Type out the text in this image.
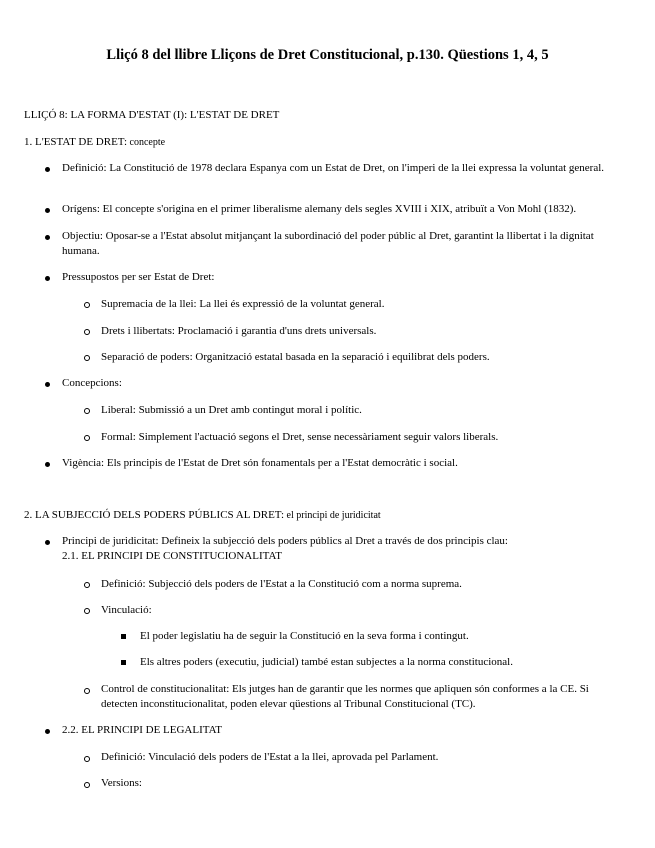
Lliçó 8 del llibre Lliçons de Dret Constitucional, p.130. Qüestions 1, 4, 5

LLIÇÓ 8: LA FORMA D'ESTAT (I): L'ESTAT DE DRET

1. L'ESTAT DE DRET: concepte

Definició: La Constitució de 1978 declara Espanya com un Estat de Dret, on l'imperi de la llei expressa la voluntat general.

Orígens: El concepte s'origina en el primer liberalisme alemany dels segles XVIII i XIX, atribuït a Von Mohl (1832).

Objectiu: Oposar-se a l'Estat absolut mitjançant la subordinació del poder públic al Dret, garantint la llibertat i la dignitat humana.

Pressupostos per ser Estat de Dret:

Supremacia de la llei: La llei és expressió de la voluntat general.

Drets i llibertats: Proclamació i garantia d'uns drets universals.

Separació de poders: Organització estatal basada en la separació i equilibrat dels poders.

Concepcions:

Liberal: Submissió a un Dret amb contingut moral i polític.

Formal: Simplement l'actuació segons el Dret, sense necessàriament seguir valors liberals.

Vigència: Els principis de l'Estat de Dret són fonamentals per a l'Estat democràtic i social.

2. LA SUBJECCIÓ DELS PODERS PÚBLICS AL DRET: el principi de juridicitat

Principi de juridicitat: Defineix la subjecció dels poders públics al Dret a través de dos principis clau:

2.1. EL PRINCIPI DE CONSTITUCIONALITAT

Definició: Subjecció dels poders de l'Estat a la Constitució com a norma suprema.

Vinculació:

El poder legislatiu ha de seguir la Constitució en la seva forma i contingut.

Els altres poders (executiu, judicial) també estan subjectes a la norma constitucional.

Control de constitucionalitat: Els jutges han de garantir que les normes que apliquen són conformes a la CE. Si

detecten inconstitucionalitat, poden elevar qüestions al Tribunal Constitucional (TC).

2.2. EL PRINCIPI DE LEGALITAT

Definició: Vinculació dels poders de l'Estat a la llei, aprovada pel Parlament.

Versions:
